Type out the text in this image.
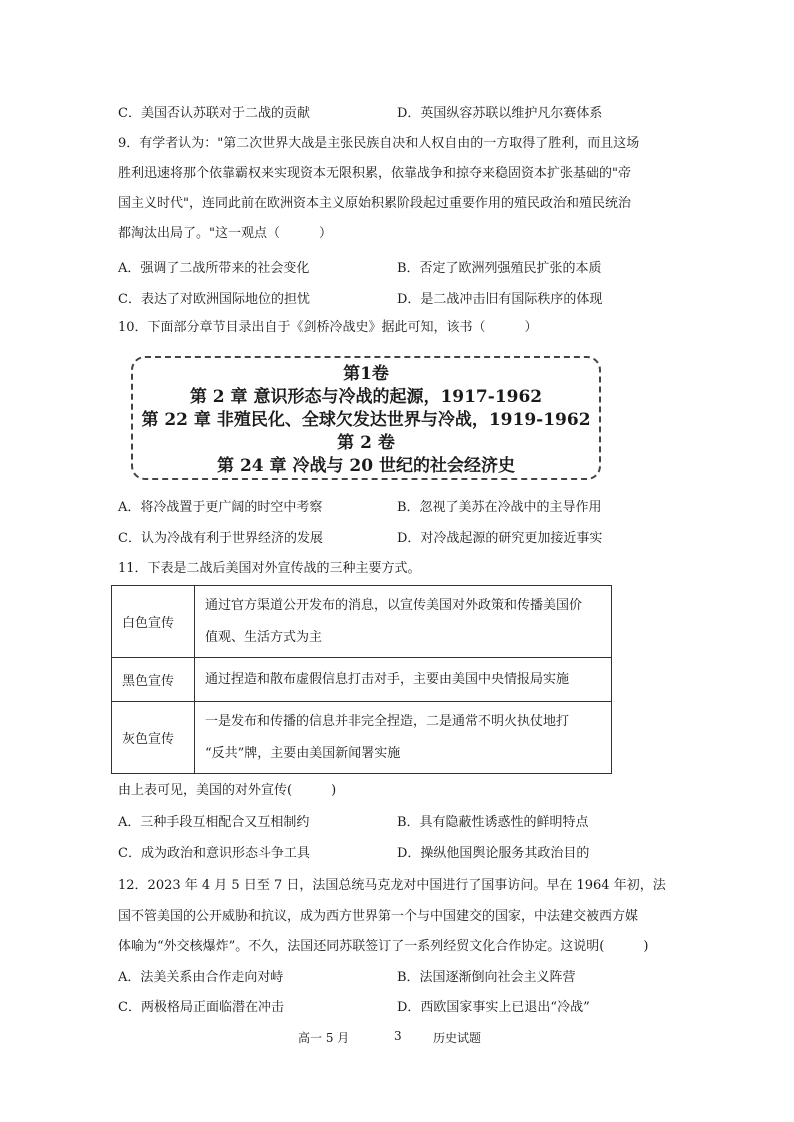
C．美国否认苏联对于二战的贡献	D．英国纵容苏联以维护凡尔赛体系
9．有学者认为："第二次世界大战是主张民族自决和人权自由的一方取得了胜利，而且这场
胜利迅速将那个依靠霸权来实现资本无限积累，依靠战争和掠夺来稳固资本扩张基础的"帝
国主义时代"，连同此前在欧洲资本主义原始积累阶段起过重要作用的殖民政治和殖民统治
都淘汰出局了。"这一观点（　　　）
A．强调了二战所带来的社会变化	B．否定了欧洲列强殖民扩张的本质
C．表达了对欧洲国际地位的担忧	D．是二战冲击旧有国际秩序的体现
10．下面部分章节目录出自于《剑桥冷战史》据此可知，该书（　　　）
第1卷
第 2 章 意识形态与冷战的起源，1917-1962
第 22 章 非殖民化、全球欠发达世界与冷战，1919-1962
第 2 卷
第 24 章 冷战与 20 世纪的社会经济史
A．将冷战置于更广阔的时空中考察	B．忽视了美苏在冷战中的主导作用
C．认为冷战有利于世界经济的发展	D．对冷战起源的研究更加接近事实
11．下表是二战后美国对外宣传战的三种主要方式。
白色宣传	通过官方渠道公开发布的消息，以宣传美国对外政策和传播美国价
值观、生活方式为主

黑色宣传	通过捏造和散布虚假信息打击对手，主要由美国中央情报局实施

灰色宣传	一是发布和传播的信息并非完全捏造，二是通常不明火执仗地打
“反共”牌，主要由美国新闻署实施
由上表可见，美国的对外宣传(　　　)
A．三种手段互相配合又互相制约	B．具有隐蔽性诱惑性的鲜明特点
C．成为政治和意识形态斗争工具	D．操纵他国舆论服务其政治目的
12．2023 年 4 月 5 日至 7 日，法国总统马克龙对中国进行了国事访问。早在 1964 年初，法
国不管美国的公开威胁和抗议，成为西方世界第一个与中国建交的国家，中法建交被西方媒
体喻为“外交核爆炸”。不久，法国还同苏联签订了一系列经贸文化合作协定。这说明(　　　)
A．法美关系由合作走向对峙	B．法国逐渐倒向社会主义阵营
C．两极格局正面临潜在冲击	D．西欧国家事实上已退出“冷战”
高一 5 月	3	历史试题
